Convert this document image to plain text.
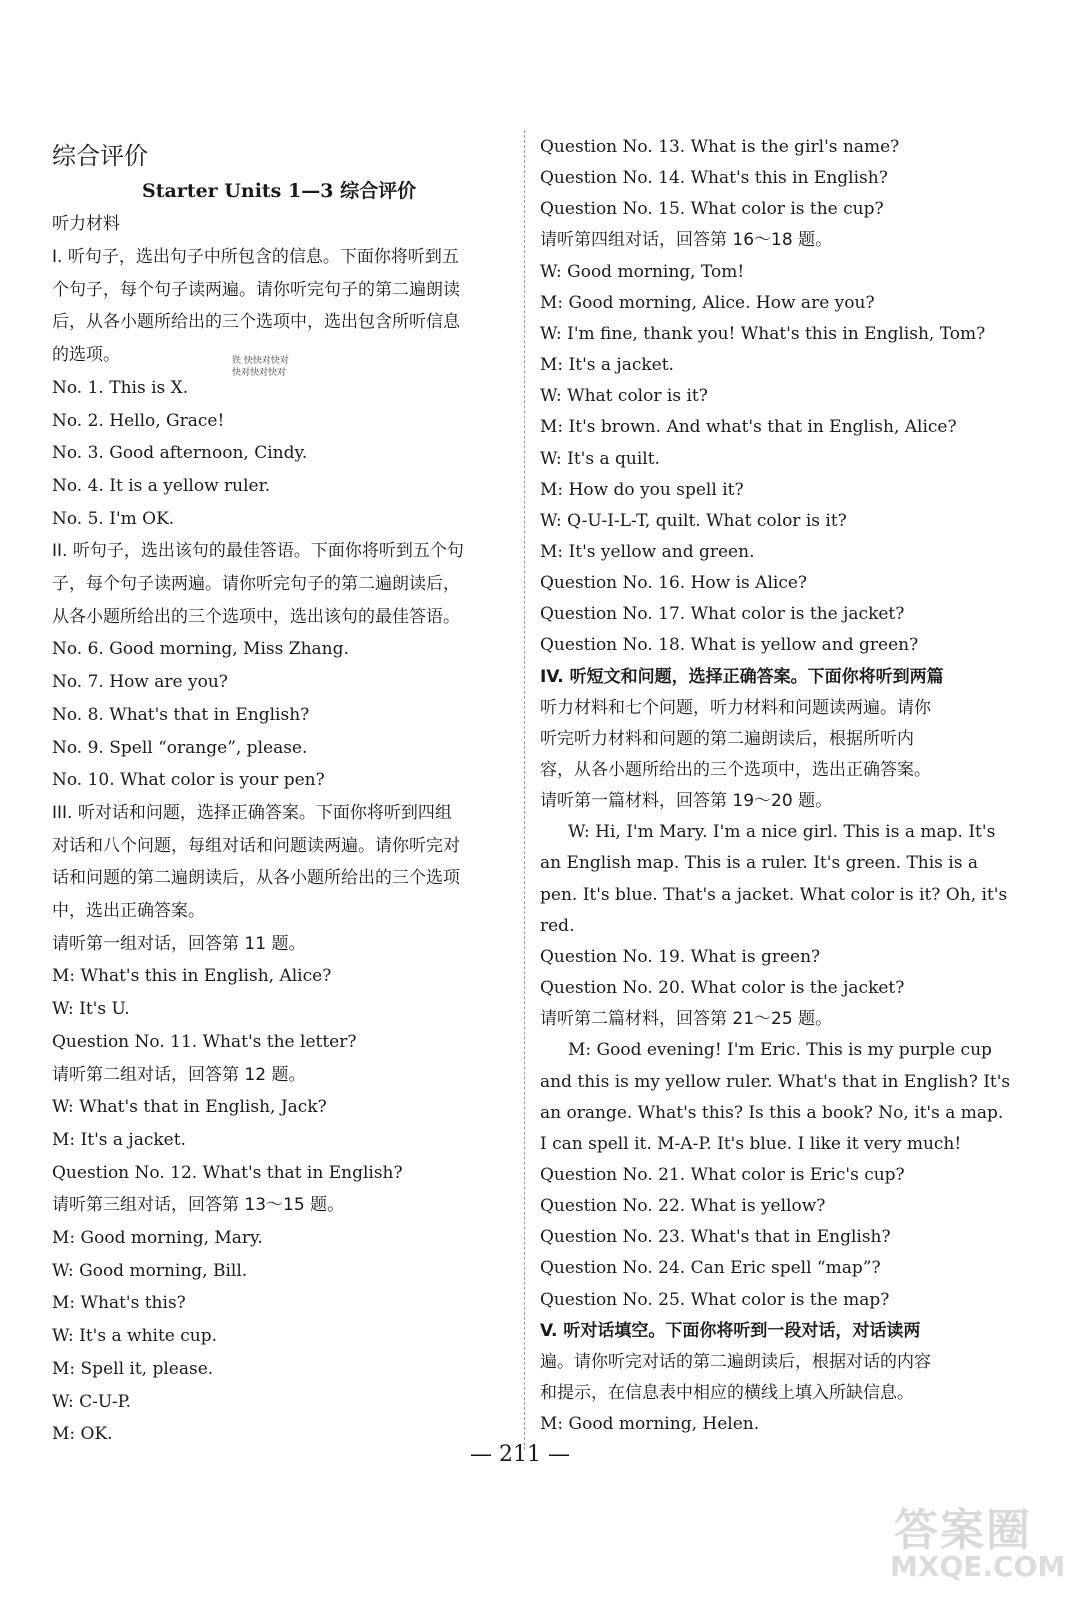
综合评价
Starter Units 1—3 综合评价
听力材料
I. 听句子，选出句子中所包含的信息。下面你将听到五
个句子，每个句子读两遍。请你听完句子的第二遍朗读
后，从各小题所给出的三个选项中，选出包含所听信息
的选项。
No. 1. This is X.
No. 2. Hello, Grace!
No. 3. Good afternoon, Cindy.
No. 4. It is a yellow ruler.
No. 5. I'm OK.
II. 听句子，选出该句的最佳答语。下面你将听到五个句
子，每个句子读两遍。请你听完句子的第二遍朗读后，
从各小题所给出的三个选项中，选出该句的最佳答语。
No. 6. Good morning, Miss Zhang.
No. 7. How are you?
No. 8. What's that in English?
No. 9. Spell “orange”, please.
No. 10. What color is your pen?
III. 听对话和问题，选择正确答案。下面你将听到四组
对话和八个问题，每组对话和问题读两遍。请你听完对
话和问题的第二遍朗读后，从各小题所给出的三个选项
中，选出正确答案。
请听第一组对话，回答第 11 题。
M: What's this in English, Alice?
W: It's U.
Question No. 11. What's the letter?
请听第二组对话，回答第 12 题。
W: What's that in English, Jack?
M: It's a jacket.
Question No. 12. What's that in English?
请听第三组对话，回答第 13～15 题。
M: Good morning, Mary.
W: Good morning, Bill.
M: What's this?
W: It's a white cup.
M: Spell it, please.
W: C-U-P.
M: OK.
铁 快快对快对
快对快对快对
Question No. 13. What is the girl's name?
Question No. 14. What's this in English?
Question No. 15. What color is the cup?
请听第四组对话，回答第 16～18 题。
W: Good morning, Tom!
M: Good morning, Alice. How are you?
W: I'm fine, thank you! What's this in English, Tom?
M: It's a jacket.
W: What color is it?
M: It's brown. And what's that in English, Alice?
W: It's a quilt.
M: How do you spell it?
W: Q-U-I-L-T, quilt. What color is it?
M: It's yellow and green.
Question No. 16. How is Alice?
Question No. 17. What color is the jacket?
Question No. 18. What is yellow and green?
IV. 听短文和问题，选择正确答案。下面你将听到两篇
听力材料和七个问题，听力材料和问题读两遍。请你
听完听力材料和问题的第二遍朗读后，根据所听内
容，从各小题所给出的三个选项中，选出正确答案。
请听第一篇材料，回答第 19～20 题。
W: Hi, I'm Mary. I'm a nice girl. This is a map. It's
an English map. This is a ruler. It's green. This is a
pen. It's blue. That's a jacket. What color is it? Oh, it's
red.
Question No. 19. What is green?
Question No. 20. What color is the jacket?
请听第二篇材料，回答第 21～25 题。
M: Good evening! I'm Eric. This is my purple cup
and this is my yellow ruler. What's that in English? It's
an orange. What's this? Is this a book? No, it's a map.
I can spell it. M-A-P. It's blue. I like it very much!
Question No. 21. What color is Eric's cup?
Question No. 22. What is yellow?
Question No. 23. What's that in English?
Question No. 24. Can Eric spell “map”?
Question No. 25. What color is the map?
V. 听对话填空。下面你将听到一段对话，对话读两
遍。请你听完对话的第二遍朗读后，根据对话的内容
和提示，在信息表中相应的横线上填入所缺信息。
M: Good morning, Helen.
— 211 —
答案圈
MXQE.COM
